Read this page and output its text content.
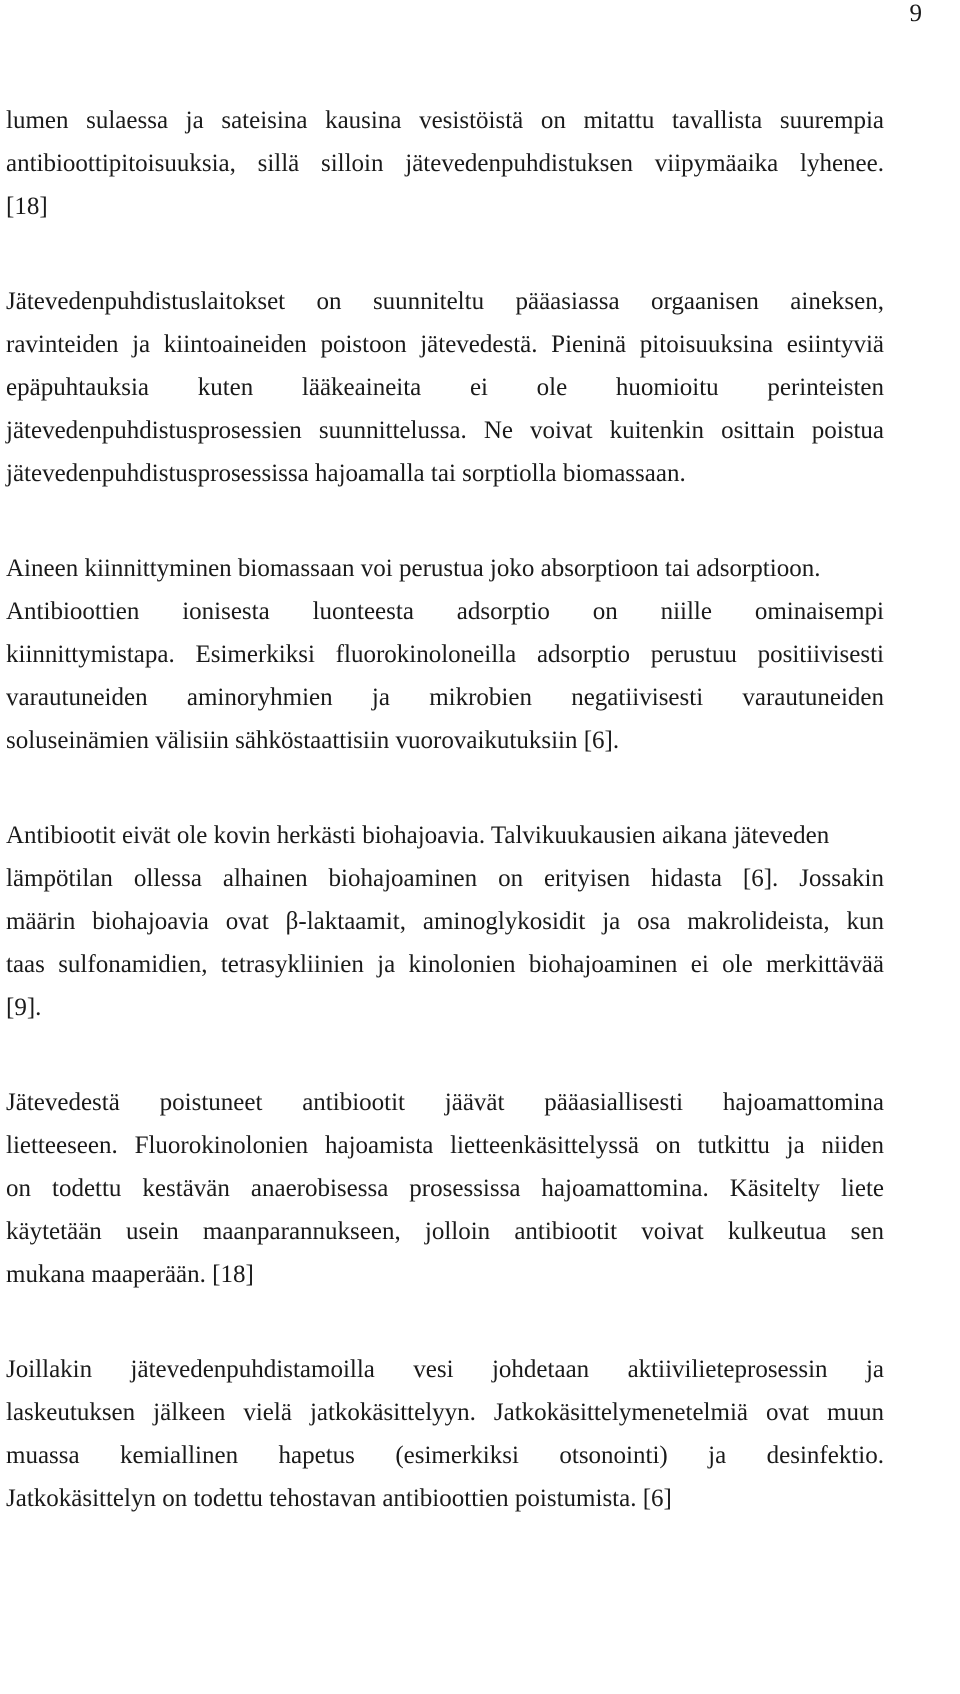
9
lumen sulaessa ja sateisina kausina vesistöistä on mitattu tavallista suurempia
antibioottipitoisuuksia, sillä silloin jätevedenpuhdistuksen viipymäaika lyhenee.
[18]
Jätevedenpuhdistuslaitokset on suunniteltu pääasiassa orgaanisen aineksen,
ravinteiden ja kiintoaineiden poistoon jätevedestä. Pieninä pitoisuuksina esiintyviä
epäpuhtauksia kuten lääkeaineita ei ole huomioitu perinteisten
jätevedenpuhdistusprosessien suunnittelussa. Ne voivat kuitenkin osittain poistua
jätevedenpuhdistusprosessissa hajoamalla tai sorptiolla biomassaan.
Aineen kiinnittyminen biomassaan voi perustua joko absorptioon tai adsorptioon.
Antibioottien ionisesta luonteesta adsorptio on niille ominaisempi
kiinnittymistapa. Esimerkiksi fluorokinoloneilla adsorptio perustuu positiivisesti
varautuneiden aminoryhmien ja mikrobien negatiivisesti varautuneiden
soluseinämien välisiin sähköstaattisiin vuorovaikutuksiin [6].
Antibiootit eivät ole kovin herkästi biohajoavia. Talvikuukausien aikana jäteveden
lämpötilan ollessa alhainen biohajoaminen on erityisen hidasta [6]. Jossakin
määrin biohajoavia ovat β-laktaamit, aminoglykosidit ja osa makrolideista, kun
taas sulfonamidien, tetrasykliinien ja kinolonien biohajoaminen ei ole merkittävää
[9].
Jätevedestä poistuneet antibiootit jäävät pääasiallisesti hajoamattomina
lietteeseen. Fluorokinolonien hajoamista lietteenkäsittelyssä on tutkittu ja niiden
on todettu kestävän anaerobisessa prosessissa hajoamattomina. Käsitelty liete
käytetään usein maanparannukseen, jolloin antibiootit voivat kulkeutua sen
mukana maaperään. [18]
Joillakin jätevedenpuhdistamoilla vesi johdetaan aktiivilieteprosessin ja
laskeutuksen jälkeen vielä jatkokäsittelyyn. Jatkokäsittelymenetelmiä ovat muun
muassa kemiallinen hapetus (esimerkiksi otsonointi) ja desinfektio.
Jatkokäsittelyn on todettu tehostavan antibioottien poistumista. [6]
